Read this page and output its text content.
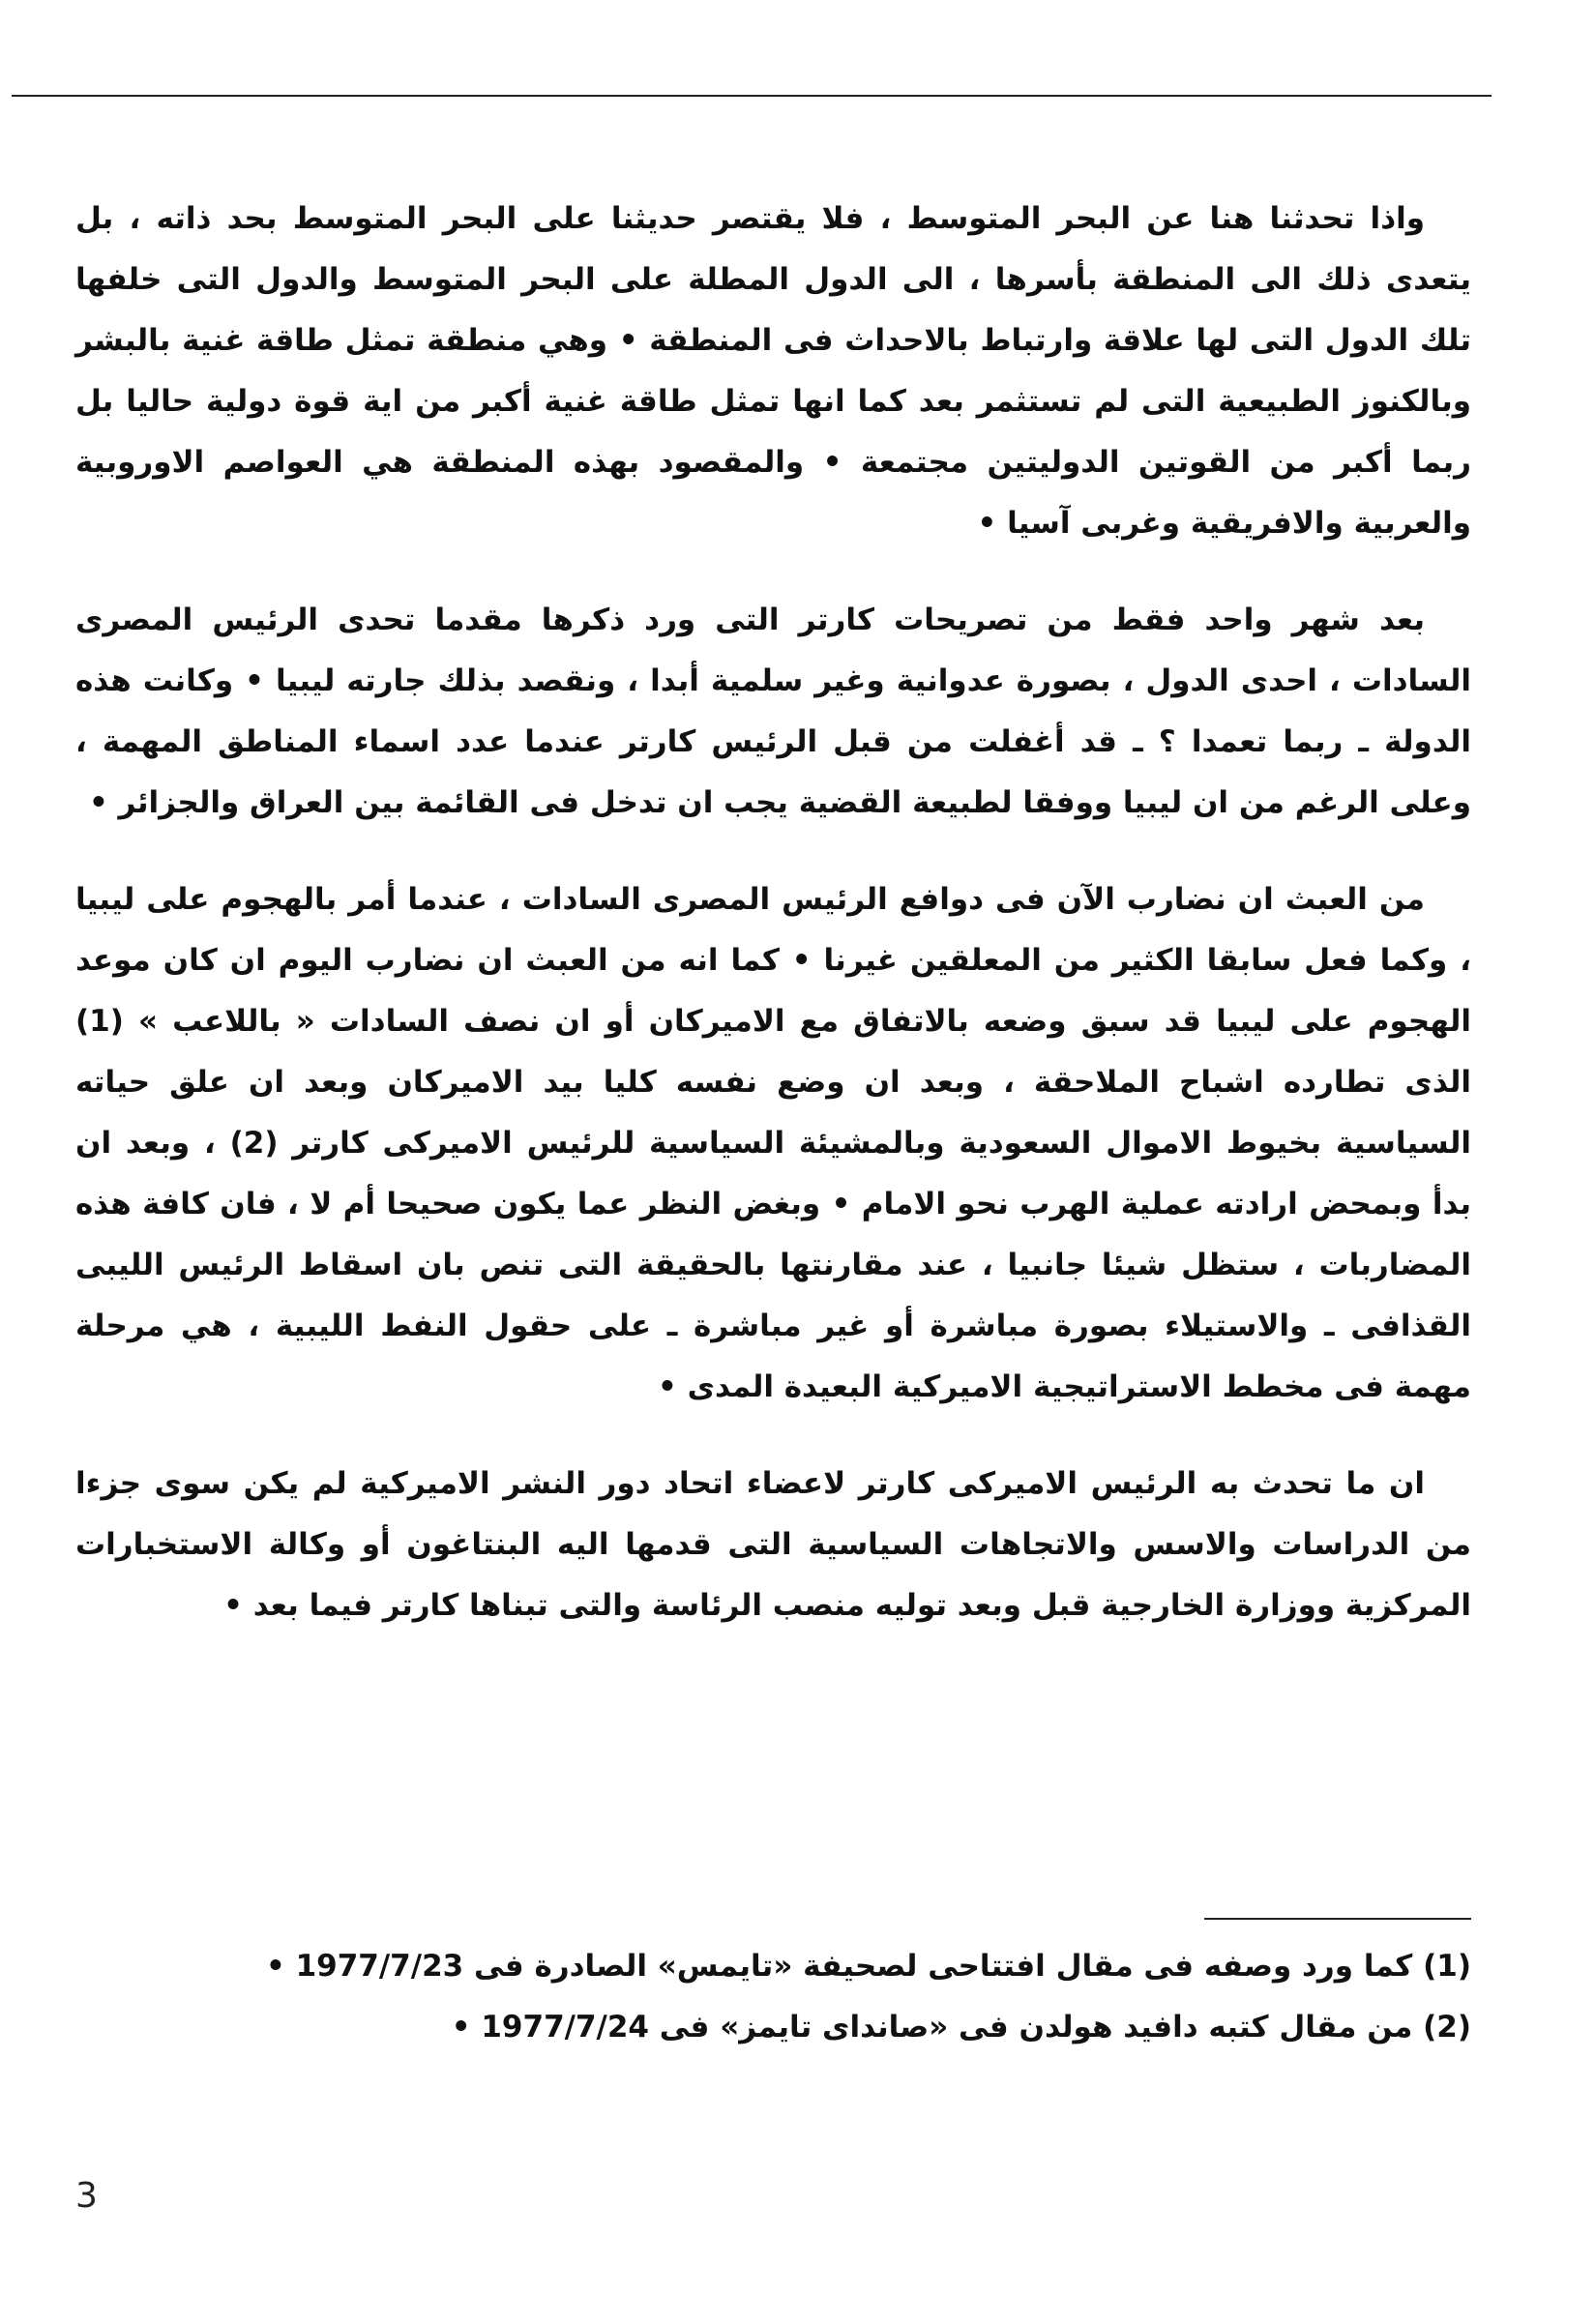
واذا تحدثنا هنا عن البحر المتوسط ، فلا يقتصر حديثنا على البحر المتوسط بحد ذاته ، بل يتعدى ذلك الى المنطقة بأسرها ، الى الدول المطلة على البحر المتوسط والدول التى خلفها تلك الدول التى لها علاقة وارتباط بالاحداث فى المنطقة • وهي منطقة تمثل طاقة غنية بالبشر وبالكنوز الطبيعية التى لم تستثمر بعد كما انها تمثل طاقة غنية أكبر من اية قوة دولية حاليا بل ربما أكبر من القوتين الدوليتين مجتمعة • والمقصود بهذه المنطقة هي العواصم الاوروبية والعربية والافريقية وغربى آسيا •

بعد شهر واحد فقط من تصريحات كارتر التى ورد ذكرها مقدما تحدى الرئيس المصرى السادات ، احدى الدول ، بصورة عدوانية وغير سلمية أبدا ، ونقصد بذلك جارته ليبيا • وكانت هذه الدولة ـ ربما تعمدا ؟ ـ قد أغفلت من قبل الرئيس كارتر عندما عدد اسماء المناطق المهمة ، وعلى الرغم من ان ليبيا ووفقا لطبيعة القضية يجب ان تدخل فى القائمة بين العراق والجزائر •

من العبث ان نضارب الآن فى دوافع الرئيس المصرى السادات ، عندما أمر بالهجوم على ليبيا ، وكما فعل سابقا الكثير من المعلقين غيرنا • كما انه من العبث ان نضارب اليوم ان كان موعد الهجوم على ليبيا قد سبق وضعه بالاتفاق مع الاميركان أو ان نصف السادات « باللاعب » (1) الذى تطارده اشباح الملاحقة ، وبعد ان وضع نفسه كليا بيد الاميركان وبعد ان علق حياته السياسية بخيوط الاموال السعودية وبالمشيئة السياسية للرئيس الاميركى كارتر (2) ، وبعد ان بدأ وبمحض ارادته عملية الهرب نحو الامام • وبغض النظر عما يكون صحيحا أم لا ، فان كافة هذه المضاربات ، ستظل شيئا جانبيا ، عند مقارنتها بالحقيقة التى تنص بان اسقاط الرئيس الليبى القذافى ـ والاستيلاء بصورة مباشرة أو غير مباشرة ـ على حقول النفط الليبية ، هي مرحلة مهمة فى مخطط الاستراتيجية الاميركية البعيدة المدى •

ان ما تحدث به الرئيس الاميركى كارتر لاعضاء اتحاد دور النشر الاميركية لم يكن سوى جزءا من الدراسات والاسس والاتجاهات السياسية التى قدمها اليه البنتاغون أو وكالة الاستخبارات المركزية ووزارة الخارجية قبل وبعد توليه منصب الرئاسة والتى تبناها كارتر فيما بعد •

(1) كما ورد وصفه فى مقال افتتاحى لصحيفة «تايمس» الصادرة فى 1977/7/23 •

(2) من مقال كتبه دافيد هولدن فى «صانداى تايمز» فى 1977/7/24 •

3
